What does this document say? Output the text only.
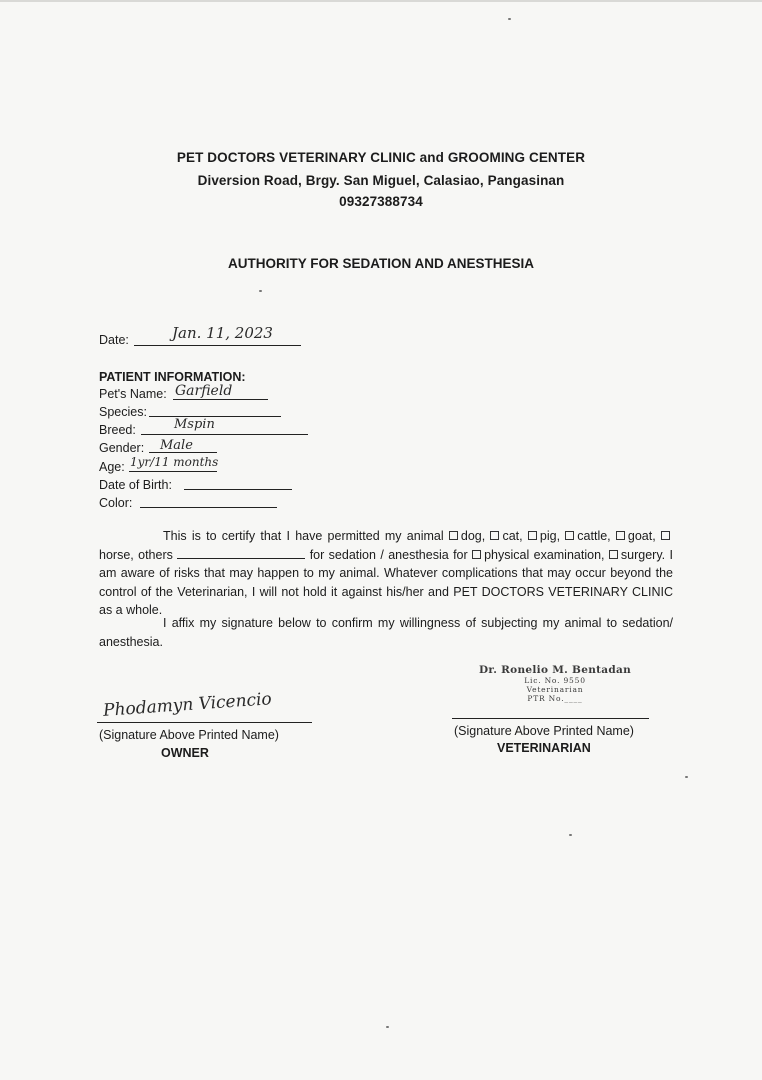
PET DOCTORS VETERINARY CLINIC and GROOMING CENTER
Diversion Road, Brgy. San Miguel, Calasiao, Pangasinan
09327388734
AUTHORITY FOR SEDATION AND ANESTHESIA
Date:	Jan. 11, 2023
PATIENT INFORMATION:
Pet's Name: Garfield
Species:
Breed:	Mspin
Gender: Male
Age: 1yr/11 months
Date of Birth:
Color:

This is to certify that I have permitted my animal dog, cat, pig, cattle, goat, horse, others	for sedation / anesthesia for physical examination, surgery. I am aware of risks that may happen to my animal. Whatever complications that may occur beyond the control of the Veterinarian, I will not hold it against his/her and PET DOCTORS VETERINARY CLINIC as a whole.

I affix my signature below to confirm my willingness of subjecting my animal to sedation/ anesthesia.

Phodamyn Vicencio
(Signature Above Printed Name)
OWNER
Dr. Ronelio M. Bentadan
Lic. No. 9550
Veterinarian
PTR No.____
(Signature Above Printed Name)
VETERINARIAN
